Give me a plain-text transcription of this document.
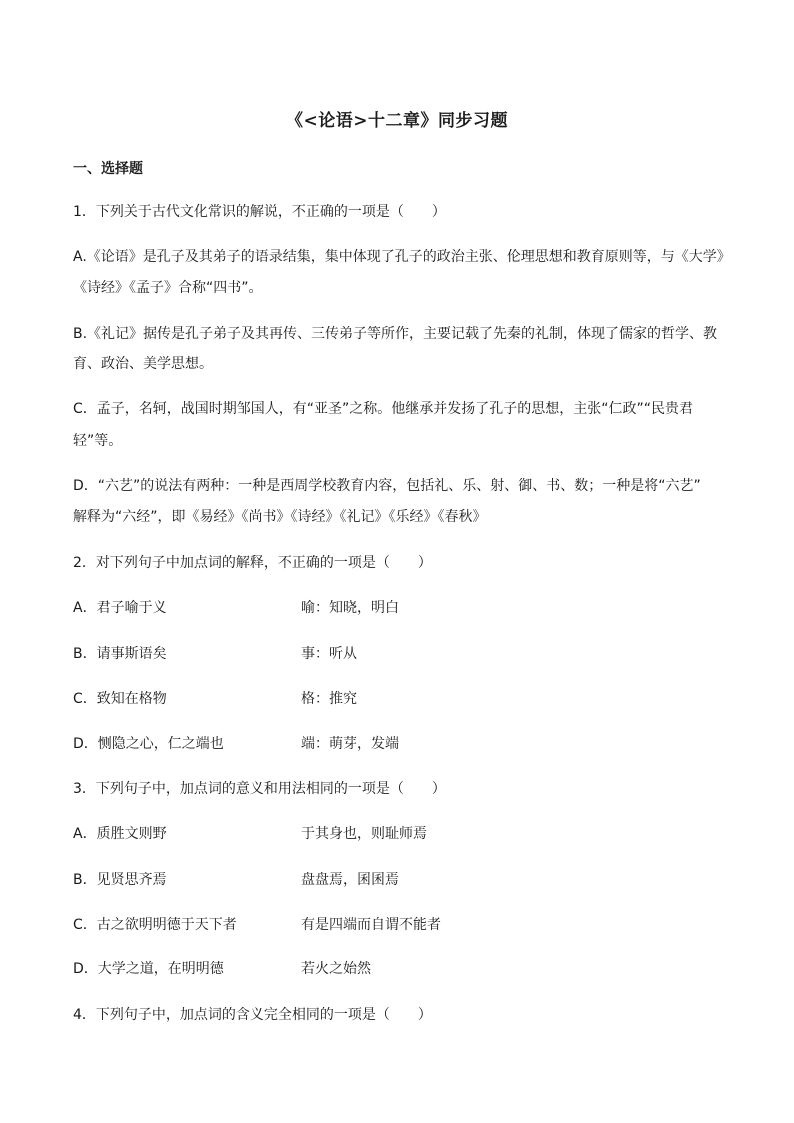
《<论语>十二章》同步习题
一、选择题
1．下列关于古代文化常识的解说，不正确的一项是（　　）
A.《论语》是孔子及其弟子的语录结集，集中体现了孔子的政治主张、伦理思想和教育原则等，与《大学》
《诗经》《孟子》合称“四书”。
B.《礼记》据传是孔子弟子及其再传、三传弟子等所作，主要记载了先秦的礼制，体现了儒家的哲学、教
育、政治、美学思想。
C．孟子，名轲，战国时期邹国人，有“亚圣”之称。他继承并发扬了孔子的思想，主张“仁政”“民贵君
轻”等。
D．“六艺”的说法有两种：一种是西周学校教育内容，包括礼、乐、射、御、书、数；一种是将“六艺”
解释为“六经”，即《易经》《尚书》《诗经》《礼记》《乐经》《春秋》
2．对下列句子中加点词的解释，不正确的一项是（　　）
A．君子喻于义	喻：知晓，明白
B．请事斯语矣	事：听从
C．致知在格物	格：推究
D．恻隐之心，仁之端也	端：萌芽，发端
3．下列句子中，加点词的意义和用法相同的一项是（　　）
A．质胜文则野	于其身也，则耻师焉
B．见贤思齐焉	盘盘焉，囷囷焉
C．古之欲明明德于天下者	有是四端而自谓不能者
D．大学之道，在明明德	若火之始然
4．下列句子中，加点词的含义完全相同的一项是（　　）
